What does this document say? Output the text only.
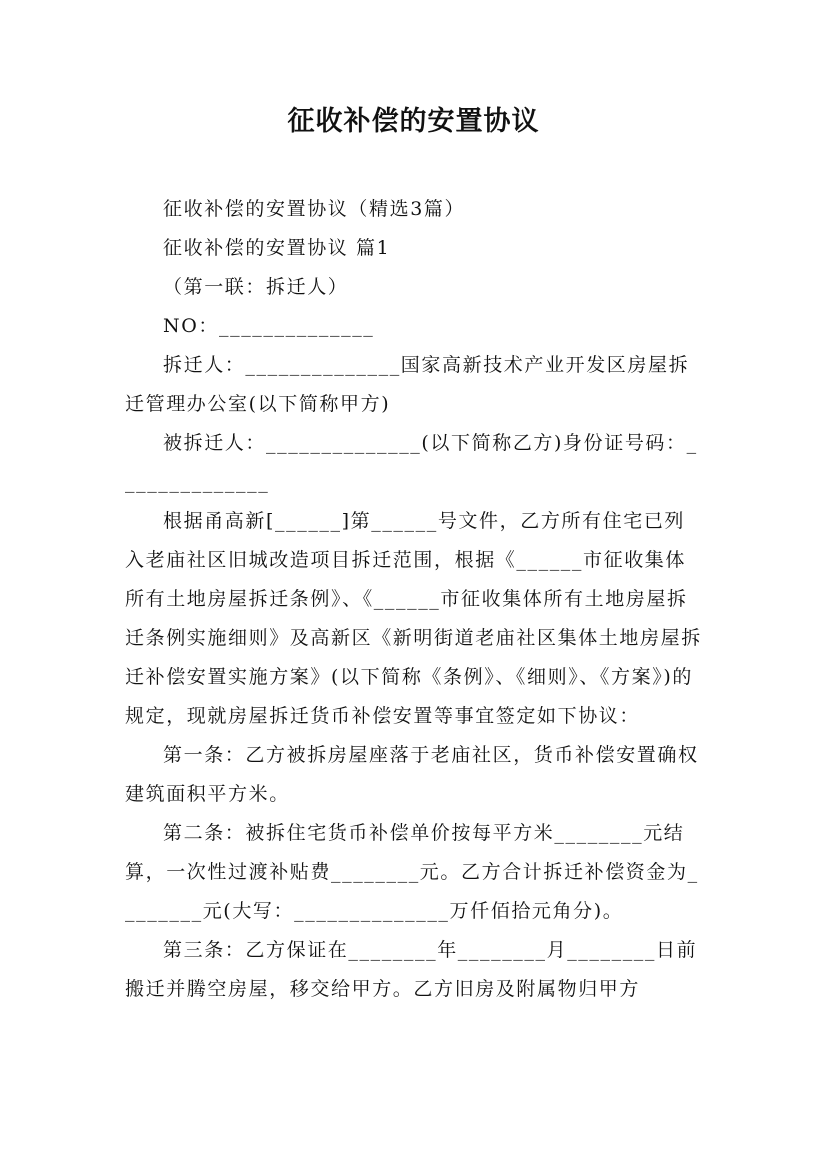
征收补偿的安置协议

征收补偿的安置协议（精选3篇）

征收补偿的安置协议 篇1

（第一联：拆迁人）

NO：______________

拆迁人：______________国家高新技术产业开发区房屋拆迁管理办公室(以下简称甲方)

被拆迁人：______________(以下简称乙方)身份证号码：______________

根据甬高新[______]第______号文件，乙方所有住宅已列入老庙社区旧城改造项目拆迁范围，根据《______市征收集体所有土地房屋拆迁条例》、《______市征收集体所有土地房屋拆迁条例实施细则》及高新区《新明街道老庙社区集体土地房屋拆迁补偿安置实施方案》(以下简称《条例》、《细则》、《方案》)的规定，现就房屋拆迁货币补偿安置等事宜签定如下协议：

第一条：乙方被拆房屋座落于老庙社区，货币补偿安置确权建筑面积平方米。

第二条：被拆住宅货币补偿单价按每平方米________元结算，一次性过渡补贴费________元。乙方合计拆迁补偿资金为________元(大写：______________万仟佰拾元角分)。

第三条：乙方保证在________年________月________日前搬迁并腾空房屋，移交给甲方。乙方旧房及附属物归甲方
